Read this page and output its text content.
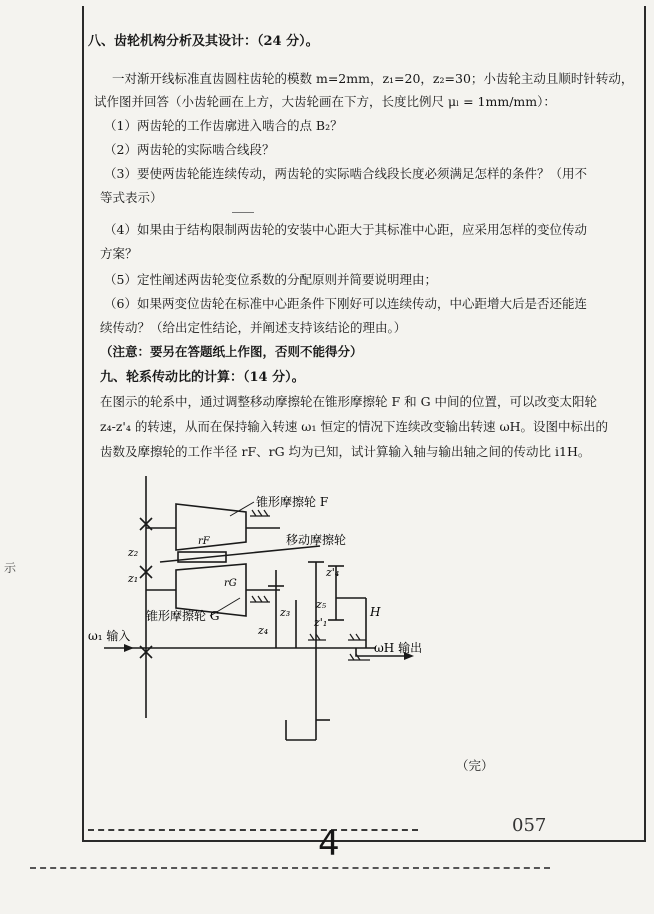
八、齿轮机构分析及其设计：（24 分）。
一对渐开线标准直齿圆柱齿轮的模数 m=2mm，z₁=20，z₂=30；小齿轮主动且顺时针转动，
试作图并回答（小齿轮画在上方，大齿轮画在下方，长度比例尺 μₗ = 1mm/mm）：
（1）两齿轮的工作齿廓进入啮合的点 B₂？
（2）两齿轮的实际啮合线段？
（3）要使两齿轮能连续传动，两齿轮的实际啮合线段长度必须满足怎样的条件？（用不
等式表示）
（4）如果由于结构限制两齿轮的安装中心距大于其标准中心距，应采用怎样的变位传动
方案？
（5）定性阐述两齿轮变位系数的分配原则并简要说明理由；
（6）如果两变位齿轮在标准中心距条件下刚好可以连续传动，中心距增大后是否还能连
续传动？（给出定性结论，并阐述支持该结论的理由。）
（注意：要另在答题纸上作图，否则不能得分）
九、轮系传动比的计算：（14 分）。
在图示的轮系中，通过调整移动摩擦轮在锥形摩擦轮 F 和 G 中间的位置，可以改变太阳轮
z₄-z'₄ 的转速，从而在保持输入转速 ω₁ 恒定的情况下连续改变输出转速 ωH。设图中标出的
齿数及摩擦轮的工作半径 rF、rG 均为已知，试计算输入轴与输出轴之间的传动比 i1H。
锥形摩擦轮 F
移动摩擦轮
锥形摩擦轮 G
ω₁ 输入
ωH 输出
z₂
z₁
rF
rG
z₃
z₄
z'₄
z₅
z'₁
H
（完）
057
4
示
